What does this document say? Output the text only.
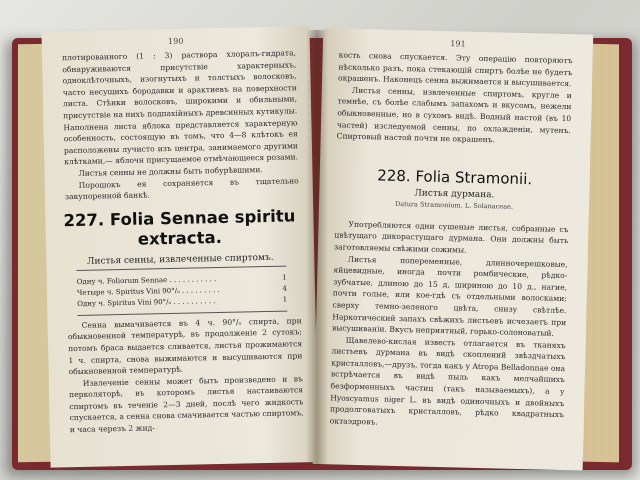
190

плотированного (1 : 3) раствора хлоралъ-гидрата, обнаруживаются присутствіе характерныхъ, одноклѣточныхъ, изогнутыхъ и толстыхъ волосковъ, часто несущихъ бородавки и арактиевъ на поверхности листа. Стѣнки волосковъ, широкими и обильными, присутствіе на нихъ подпахійныхъ древсинных кутикулы. Наполнена листа яблока представляется характерную особенность, состоящую въ томъ, что 4—8 клѣтокъ ея расположены лучисто изъ центра, занимаемого другими клѣтками,— яблочн присущаемое отмѣчающееся розами.

Листья сенны не должны быть побурѣвшими.

Порошокъ ея сохраняется въ тщательно закупоренной банкѣ.

227. Folia Sennae spiritu extracta.
Листья сенны, извлеченные спиртомъ.
Одну ч. Foliorum Sennae . . . . . . . . . . .	1
Четыре ч. Spiritus Vini 90°/ₒ . . . . . . . . .	4
Одну ч. Spiritus Vini 90°/ₒ . . . . . . . . . .	1

Сенна вымачивается въ 4 ч. 90°/ₒ спирта, при обыкновенной температурѣ, въ продолженіе 2 сутокъ; потомъ браса выдается сливается, листья прожимаются 1 ч. спирта, снова выжимаются и высушиваются при обыкновенной температурѣ.

Извлеченіе сенны может быть произведено и въ перколяторѣ, въ которомъ листья настаиваются спиртомъ въ теченіе 2—3 дней, послѣ чего жидкость спускается, а сенна снова смачивается частью спиртомъ, и часа черезъ 2 жид-

191

кость снова спускается. Эту операцію повторяютъ нѣсколько разъ, пока стекающій спиртъ болѣе не будетъ окрашенъ. Наконецъ сенна выжимается и высушивается.

Листья сенны, извлеченные спиртомъ, кругле и темнѣе, съ болѣе слабымъ запахомъ и вкусомъ, нежели обыкновенные, но в сухомъ видѣ. Водный настой (въ 10 частей) изследуемой сенны, по охлажденіи, мутенъ. Спиртовый настой почти не окрашенъ.

228. Folia Stramonii.
Листья дурмана.
Datura Stramonium. L. Solanaceae.

Употребляются одни сушеные листья, собранные съ цвѣтущаго дикорастущаго дурмана. Они должны быть заготовляемы свѣжими сожимы.

Листья попеременные, длинночерешковые, яйцевидные, иногда почти ромбические, рѣдко-зубчатые, длиною до 15 д, шириною до 10 д., нагие, почти голые, или кое-гдѣ съ отдельными волосками; сверху темно-зеленого цвѣта, снизу свѣтлѣе. Наркотический запахъ свѣжихъ листьевъ исчезаетъ при высушиваніи. Вкусъ неприятный, горько-солоноватый.

Щавелево-кислая известь отлагается въ тканяхъ листьевъ дурмана въ видѣ скоплений звѣздчатыхъ кристалловъ,—друзъ, тогда какъ у Atropa Belladonnae она встрѣчается въ видѣ пыль какъ мелчайшихъ безформенныхъ частиц (такъ называемыхъ), а у Hyoscyamus niger L. въ видѣ одиночныхъ и двойныхъ продолговатыхъ кристалловъ, рѣдко квадратныхъ октаэдровъ.
